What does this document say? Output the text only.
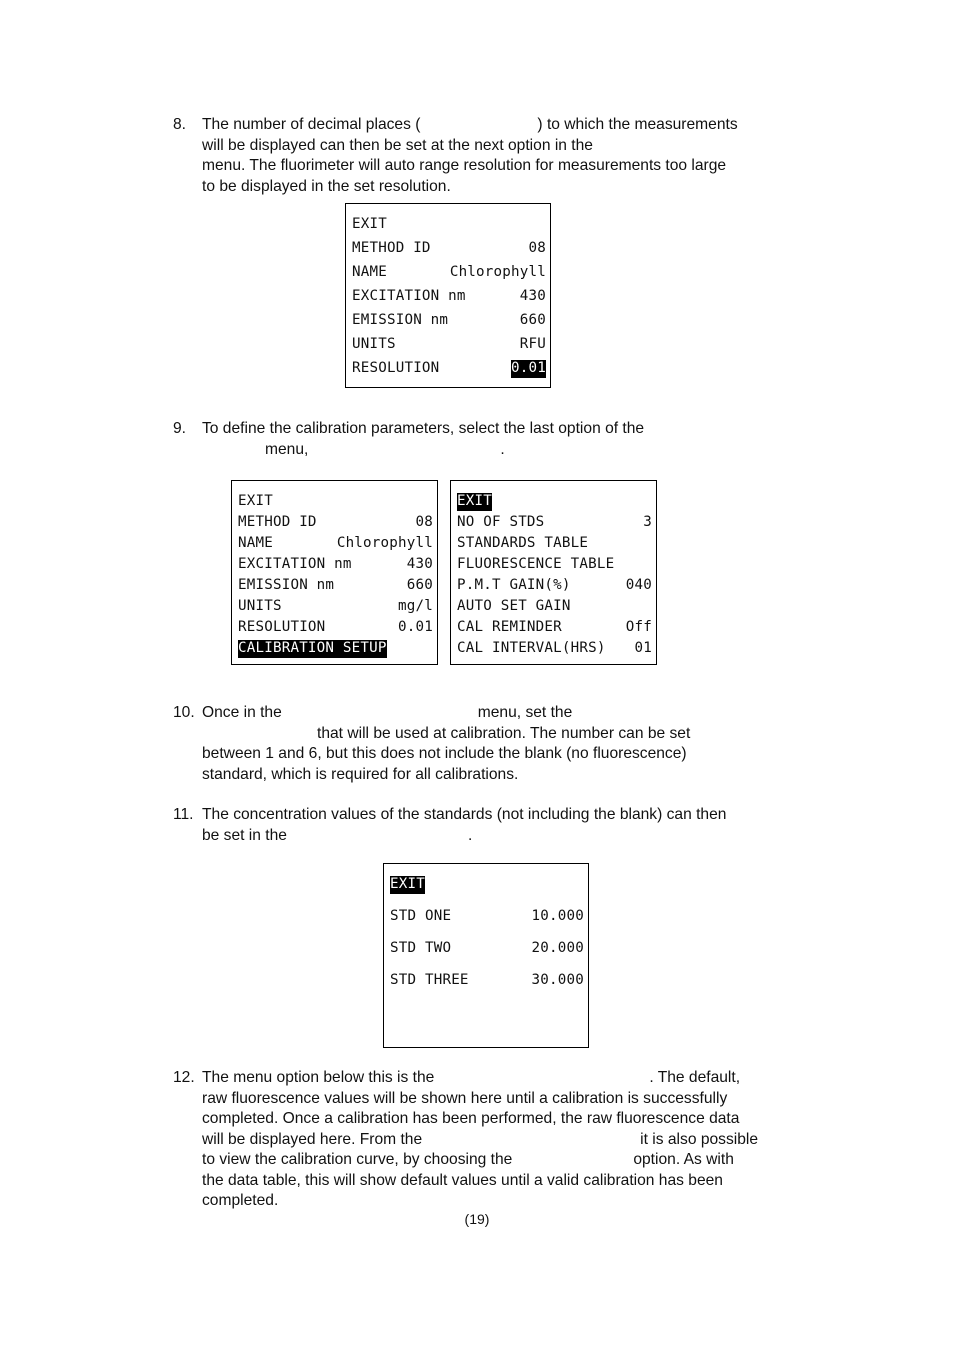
8. The number of decimal places (	) to which the measurements
will be displayed can then be set at the next option in the
menu. The fluorimeter will auto range resolution for measurements too large
to be displayed in the set resolution.
EXIT
METHOD ID	08
NAME	Chlorophyll
EXCITATION nm	430
EMISSION nm	660
UNITS	RFU
RESOLUTION	0.01
9. To define the calibration parameters, select the last option of the
menu,	.
EXIT
METHOD ID	08
NAME	Chlorophyll
EXCITATION nm	430
EMISSION nm	660
UNITS	mg/l
RESOLUTION	0.01
CALIBRATION SETUP
EXIT
NO OF STDS	3
STANDARDS TABLE
FLUORESCENCE TABLE
P.M.T GAIN(%)	040
AUTO SET GAIN
CAL REMINDER	Off
CAL INTERVAL(HRS) 01
10. Once in the	menu, set the
that will be used at calibration. The number can be set
between 1 and 6, but this does not include the blank (no fluorescence)
standard, which is required for all calibrations.
11. The concentration values of the standards (not including the blank) can then
be set in the	.
EXIT
STD ONE	10.000
STD TWO	20.000
STD THREE	30.000
12. The menu option below this is the	. The default,
raw fluorescence values will be shown here until a calibration is successfully
completed. Once a calibration has been performed, the raw fluorescence data
will be displayed here. From the	it is also possible
to view the calibration curve, by choosing the	option. As with
the data table, this will show default values until a valid calibration has been
completed.
(19)
